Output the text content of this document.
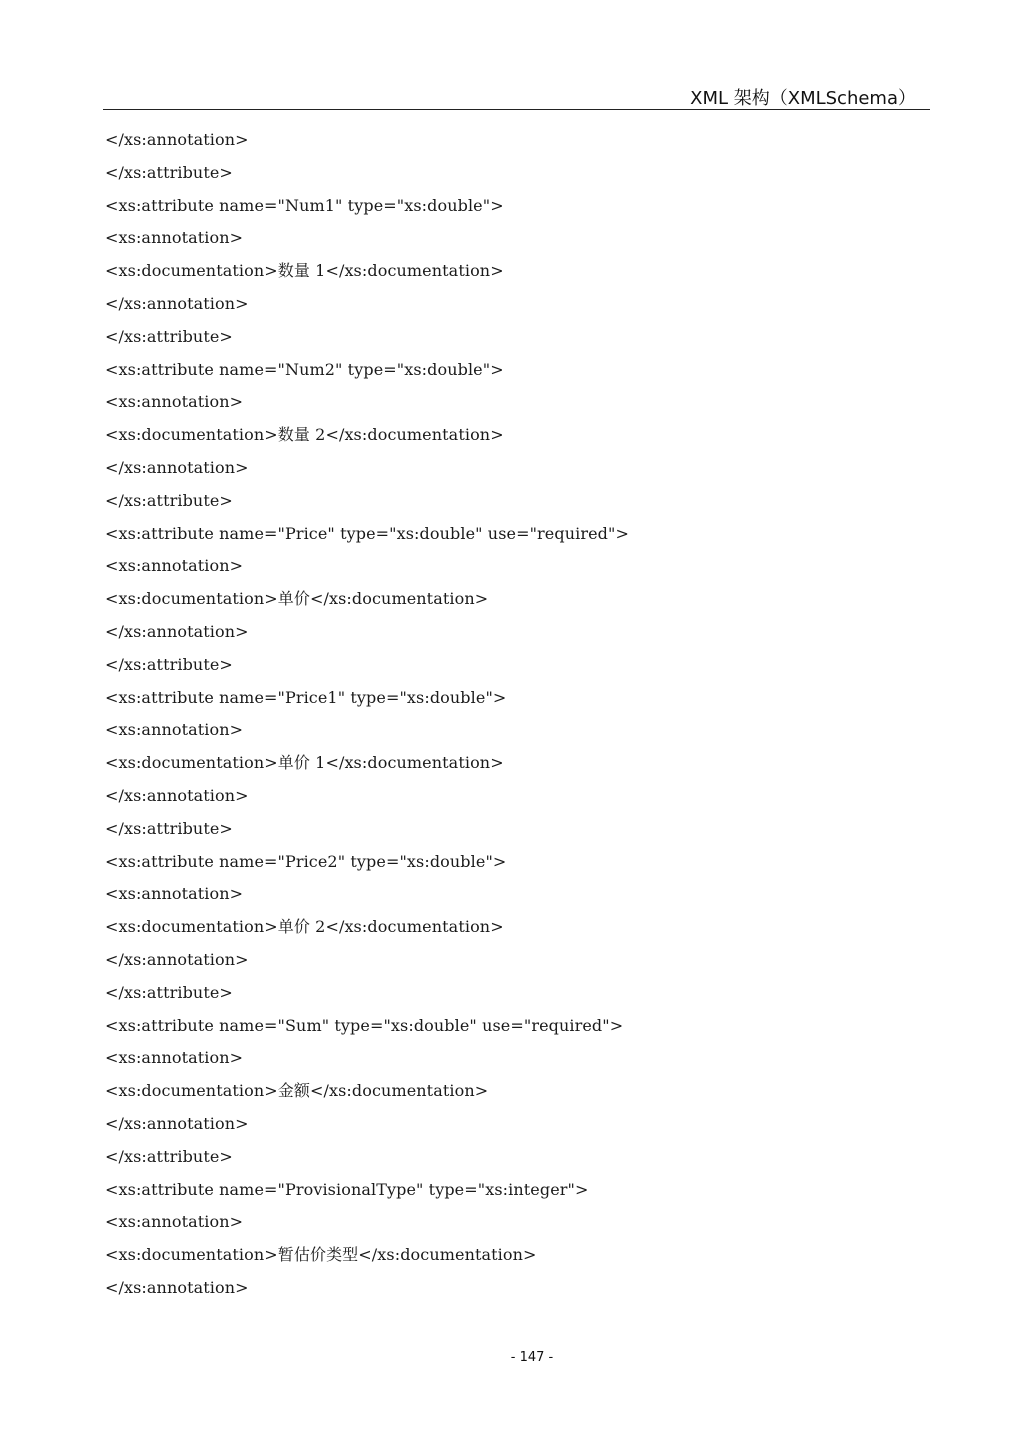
XML 架构（XMLSchema）
</xs:annotation>
</xs:attribute>
<xs:attribute name="Num1" type="xs:double">
<xs:annotation>
<xs:documentation>数量 1</xs:documentation>
</xs:annotation>
</xs:attribute>
<xs:attribute name="Num2" type="xs:double">
<xs:annotation>
<xs:documentation>数量 2</xs:documentation>
</xs:annotation>
</xs:attribute>
<xs:attribute name="Price" type="xs:double" use="required">
<xs:annotation>
<xs:documentation>单价</xs:documentation>
</xs:annotation>
</xs:attribute>
<xs:attribute name="Price1" type="xs:double">
<xs:annotation>
<xs:documentation>单价 1</xs:documentation>
</xs:annotation>
</xs:attribute>
<xs:attribute name="Price2" type="xs:double">
<xs:annotation>
<xs:documentation>单价 2</xs:documentation>
</xs:annotation>
</xs:attribute>
<xs:attribute name="Sum" type="xs:double" use="required">
<xs:annotation>
<xs:documentation>金额</xs:documentation>
</xs:annotation>
</xs:attribute>
<xs:attribute name="ProvisionalType" type="xs:integer">
<xs:annotation>
<xs:documentation>暂估价类型</xs:documentation>
</xs:annotation>
- 147 -
